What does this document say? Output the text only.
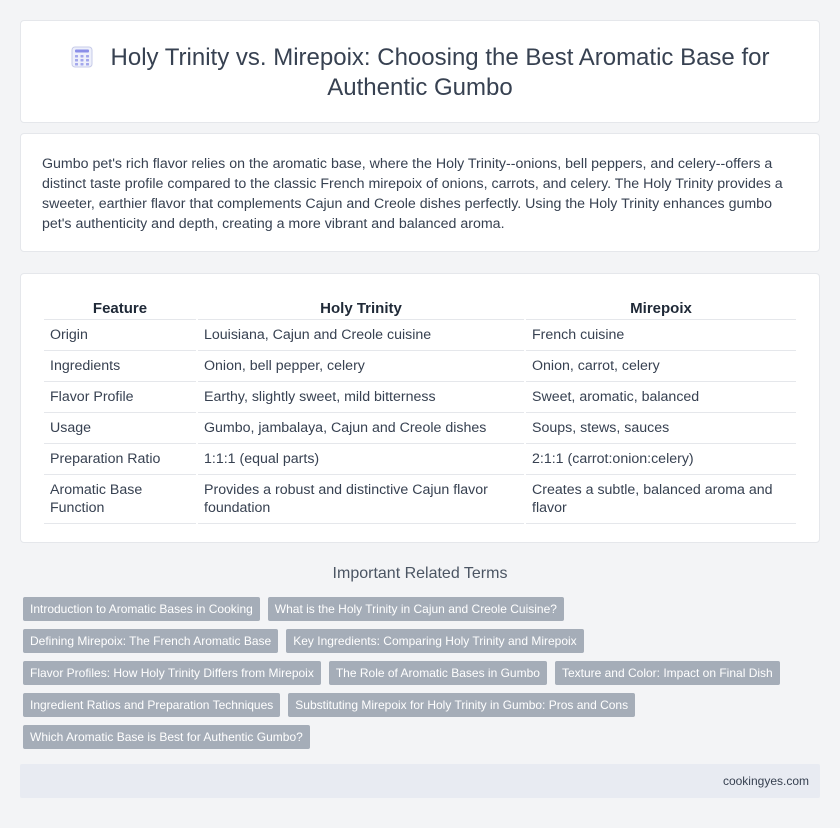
Holy Trinity vs. Mirepoix: Choosing the Best Aromatic Base for Authentic Gumbo

Gumbo pet's rich flavor relies on the aromatic base, where the Holy Trinity--onions, bell peppers, and celery--offers a distinct taste profile compared to the classic French mirepoix of onions, carrots, and celery. The Holy Trinity provides a sweeter, earthier flavor that complements Cajun and Creole dishes perfectly. Using the Holy Trinity enhances gumbo pet's authenticity and depth, creating a more vibrant and balanced aroma.

Feature	Holy Trinity	Mirepoix
Origin	Louisiana, Cajun and Creole cuisine	French cuisine
Ingredients	Onion, bell pepper, celery	Onion, carrot, celery
Flavor Profile	Earthy, slightly sweet, mild bitterness	Sweet, aromatic, balanced
Usage	Gumbo, jambalaya, Cajun and Creole dishes	Soups, stews, sauces
Preparation Ratio	1:1:1 (equal parts)	2:1:1 (carrot:onion:celery)
Aromatic Base Function	Provides a robust and distinctive Cajun flavor foundation	Creates a subtle, balanced aroma and flavor
Important Related Terms
Introduction to Aromatic Bases in Cooking	What is the Holy Trinity in Cajun and Creole Cuisine?
Defining Mirepoix: The French Aromatic Base	Key Ingredients: Comparing Holy Trinity and Mirepoix
Flavor Profiles: How Holy Trinity Differs from Mirepoix	The Role of Aromatic Bases in Gumbo	Texture and Color: Impact on Final Dish
Ingredient Ratios and Preparation Techniques	Substituting Mirepoix for Holy Trinity in Gumbo: Pros and Cons
Which Aromatic Base is Best for Authentic Gumbo?
cookingyes.com
